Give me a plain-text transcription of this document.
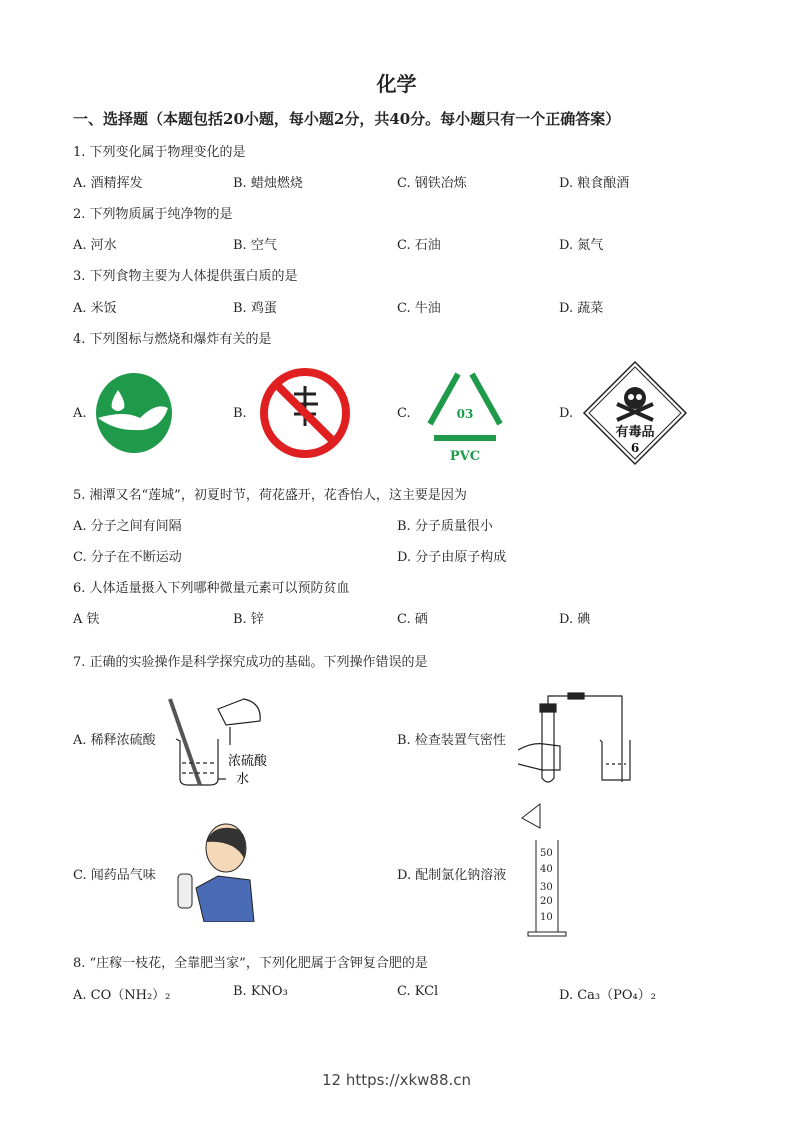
化学
一、选择题（本题包括20小题，每小题2分，共40分。每小题只有一个正确答案）
1. 下列变化属于物理变化的是
A. 酒精挥发	B. 蜡烛燃烧	C. 钢铁冶炼	D. 粮食酿酒
2. 下列物质属于纯净物的是
A. 河水	B. 空气	C. 石油	D. 氮气
3. 下列食物主要为人体提供蛋白质的是
A. 米饭	B. 鸡蛋	C. 牛油	D. 蔬菜
4. 下列图标与燃烧和爆炸有关的是
A.	B.	C.	D.
03
PVC
有毒品
6
5. 湘潭又名“莲城”，初夏时节，荷花盛开，花香怡人，这主要是因为
A. 分子之间有间隔	B. 分子质量很小
C. 分子在不断运动	D. 分子由原子构成
6. 人体适量摄入下列哪种微量元素可以预防贫血
A 铁	B. 锌	C. 硒	D. 碘
7. 正确的实验操作是科学探究成功的基础。下列操作错误的是
A. 稀释浓硫酸	B. 检查装置气密性
C. 闻药品气味	D. 配制氯化钠溶液
浓硫酸
水
50
40
30
20
10
8. “庄稼一枝花，全靠肥当家”，下列化肥属于含钾复合肥的是
A. CO（NH₂）₂	B. KNO₃	C. KCl	D. Ca₃（PO₄）₂
12 https://xkw88.cn
